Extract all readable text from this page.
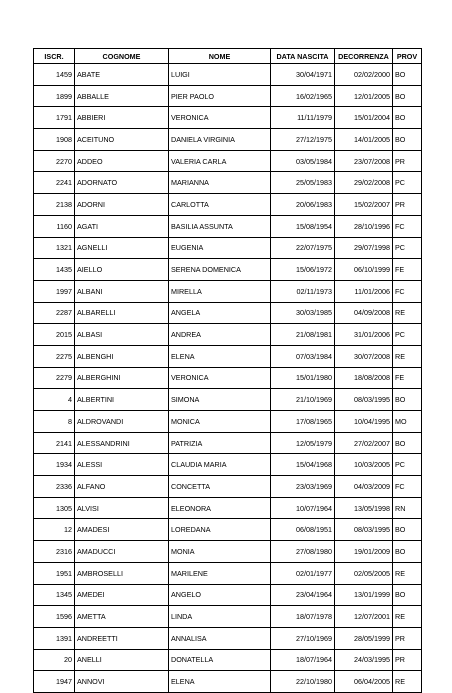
ISCR.	COGNOME	NOME	DATA NASCITA	DECORRENZA	PROV
1459	ABATE	LUIGI	30/04/1971	02/02/2000	BO
1899	ABBALLE	PIER PAOLO	16/02/1965	12/01/2005	BO
1791	ABBIERI	VERONICA	11/11/1979	15/01/2004	BO
1908	ACEITUNO	DANIELA VIRGINIA	27/12/1975	14/01/2005	BO
2270	ADDEO	VALERIA CARLA	03/05/1984	23/07/2008	PR
2241	ADORNATO	MARIANNA	25/05/1983	29/02/2008	PC
2138	ADORNI	CARLOTTA	20/06/1983	15/02/2007	PR
1160	AGATI	BASILIA ASSUNTA	15/08/1954	28/10/1996	FC
1321	AGNELLI	EUGENIA	22/07/1975	29/07/1998	PC
1435	AIELLO	SERENA DOMENICA	15/06/1972	06/10/1999	FE
1997	ALBANI	MIRELLA	02/11/1973	11/01/2006	FC
2287	ALBARELLI	ANGELA	30/03/1985	04/09/2008	RE
2015	ALBASI	ANDREA	21/08/1981	31/01/2006	PC
2275	ALBENGHI	ELENA	07/03/1984	30/07/2008	RE
2279	ALBERGHINI	VERONICA	15/01/1980	18/08/2008	FE
4	ALBERTINI	SIMONA	21/10/1969	08/03/1995	BO
8	ALDROVANDI	MONICA	17/08/1965	10/04/1995	MO
2141	ALESSANDRINI	PATRIZIA	12/05/1979	27/02/2007	BO
1934	ALESSI	CLAUDIA MARIA	15/04/1968	10/03/2005	PC
2336	ALFANO	CONCETTA	23/03/1969	04/03/2009	FC
1305	ALVISI	ELEONORA	10/07/1964	13/05/1998	RN
12	AMADESI	LOREDANA	06/08/1951	08/03/1995	BO
2316	AMADUCCI	MONIA	27/08/1980	19/01/2009	BO
1951	AMBROSELLI	MARILENE	02/01/1977	02/05/2005	RE
1345	AMEDEI	ANGELO	23/04/1964	13/01/1999	BO
1596	AMETTA	LINDA	18/07/1978	12/07/2001	RE
1391	ANDREETTI	ANNALISA	27/10/1969	28/05/1999	PR
20	ANELLI	DONATELLA	18/07/1964	24/03/1995	PR
1947	ANNOVI	ELENA	22/10/1980	06/04/2005	RE
